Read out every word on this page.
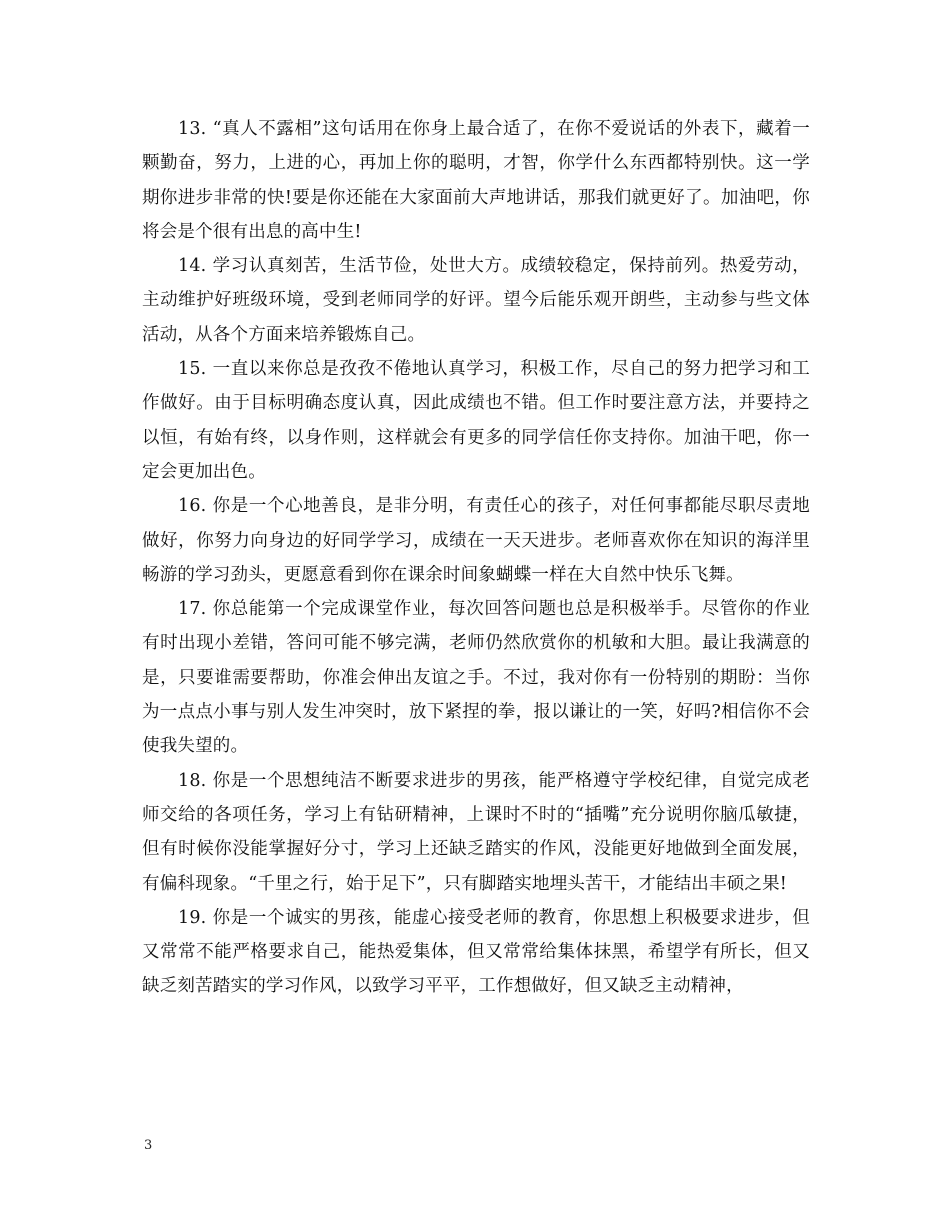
13. “真人不露相”这句话用在你身上最合适了，在你不爱说话的外表下，藏着一颗勤奋，努力，上进的心，再加上你的聪明，才智，你学什么东西都特别快。这一学期你进步非常的快!要是你还能在大家面前大声地讲话，那我们就更好了。加油吧，你将会是个很有出息的高中生!

14. 学习认真刻苦，生活节俭，处世大方。成绩较稳定，保持前列。热爱劳动，主动维护好班级环境，受到老师同学的好评。望今后能乐观开朗些，主动参与些文体活动，从各个方面来培养锻炼自己。

15. 一直以来你总是孜孜不倦地认真学习，积极工作，尽自己的努力把学习和工作做好。由于目标明确态度认真，因此成绩也不错。但工作时要注意方法，并要持之以恒，有始有终，以身作则，这样就会有更多的同学信任你支持你。加油干吧，你一定会更加出色。

16. 你是一个心地善良，是非分明，有责任心的孩子，对任何事都能尽职尽责地做好，你努力向身边的好同学学习，成绩在一天天进步。老师喜欢你在知识的海洋里畅游的学习劲头，更愿意看到你在课余时间象蝴蝶一样在大自然中快乐飞舞。

17. 你总能第一个完成课堂作业，每次回答问题也总是积极举手。尽管你的作业有时出现小差错，答问可能不够完满，老师仍然欣赏你的机敏和大胆。最让我满意的是，只要谁需要帮助，你准会伸出友谊之手。不过，我对你有一份特别的期盼：当你为一点点小事与别人发生冲突时，放下紧捏的拳，报以谦让的一笑，好吗?相信你不会使我失望的。

18. 你是一个思想纯洁不断要求进步的男孩，能严格遵守学校纪律，自觉完成老师交给的各项任务，学习上有钻研精神，上课时不时的“插嘴”充分说明你脑瓜敏捷，但有时候你没能掌握好分寸，学习上还缺乏踏实的作风，没能更好地做到全面发展，有偏科现象。“千里之行，始于足下”，只有脚踏实地埋头苦干，才能结出丰硕之果!

19. 你是一个诚实的男孩，能虚心接受老师的教育，你思想上积极要求进步，但又常常不能严格要求自己，能热爱集体，但又常常给集体抹黑，希望学有所长，但又缺乏刻苦踏实的学习作风，以致学习平平，工作想做好，但又缺乏主动精神，

3
